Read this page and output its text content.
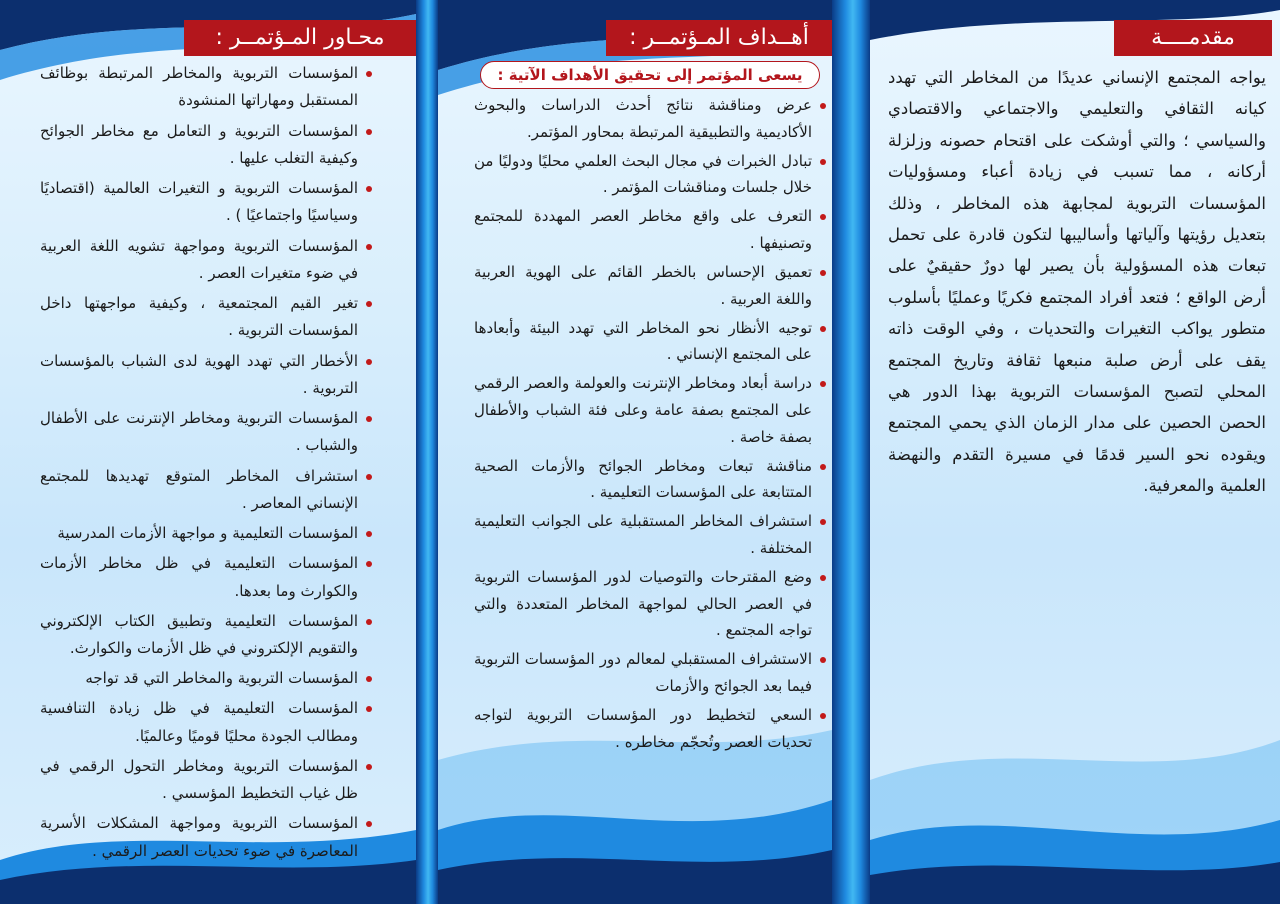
محـاور المـؤتمــر :
المؤسسات التربوية والمخاطر المرتبطة بوظائف المستقبل ومهاراتها المنشودة
المؤسسات التربوية و التعامل مع مخاطر الجوائح وكيفية التغلب عليها .
المؤسسات التربوية و التغيرات العالمية (اقتصاديًا وسياسيًا واجتماعيًا ) .
المؤسسات التربوية ومواجهة تشويه اللغة العربية في ضوء متغيرات العصر .
تغير القيم المجتمعية ، وكيفية مواجهتها داخل المؤسسات التربوية .
الأخطار التي تهدد الهوية لدى الشباب بالمؤسسات التربوية .
المؤسسات التربوية ومخاطر الإنترنت على الأطفال والشباب .
استشراف المخاطر المتوقع تهديدها للمجتمع الإنساني المعاصر .
المؤسسات التعليمية و مواجهة الأزمات المدرسية
المؤسسات التعليمية في ظل مخاطر الأزمات والكوارث وما بعدها.
المؤسسات التعليمية وتطبيق الكتاب الإلكتروني والتقويم الإلكتروني في ظل الأزمات والكوارث.
المؤسسات التربوية والمخاطر التي قد تواجه
المؤسسات التعليمية في ظل زيادة التنافسية ومطالب الجودة محليًا قوميًا وعالميًا.
المؤسسات التربوية ومخاطر التحول الرقمي في ظل غياب التخطيط المؤسسي .
المؤسسات التربوية ومواجهة المشكلات الأسرية المعاصرة في ضوء تحديات العصر الرقمي .
أهــداف المـؤتمــر :
يسعى المؤتمر إلى تحقيق الأهداف الآتية :
عرض ومناقشة نتائج أحدث الدراسات والبحوث الأكاديمية والتطبيقية المرتبطة بمحاور المؤتمر.
تبادل الخبرات في مجال البحث العلمي محليًا ودوليًا من خلال جلسات ومناقشات المؤتمر .
التعرف على واقع مخاطر العصر المهددة للمجتمع وتصنيفها .
تعميق الإحساس بالخطر القائم على الهوية العربية واللغة العربية .
توجيه الأنظار نحو المخاطر التي تهدد البيئة وأبعادها على المجتمع الإنساني .
دراسة أبعاد ومخاطر الإنترنت والعولمة والعصر الرقمي على المجتمع بصفة عامة وعلى فئة الشباب والأطفال بصفة خاصة .
مناقشة تبعات ومخاطر الجوائح والأزمات الصحية المتتابعة على المؤسسات التعليمية .
استشراف المخاطر المستقبلية على الجوانب التعليمية المختلفة .
وضع المقترحات والتوصيات لدور المؤسسات التربوية في العصر الحالي لمواجهة المخاطر المتعددة والتي تواجه المجتمع .
الاستشراف المستقبلي لمعالم دور المؤسسات التربوية فيما بعد الجوائح والأزمات
السعي لتخطيط دور المؤسسات التربوية لتواجه تحديات العصر وتُحجّم مخاطره .
مقدمــــة

يواجه المجتمع الإنساني عديدًا من المخاطر التي تهدد كيانه الثقافي والتعليمي والاجتماعي والاقتصادي والسياسي ؛ والتي أوشكت على اقتحام حصونه وزلزلة أركانه ، مما تسبب في زيادة أعباء ومسؤوليات المؤسسات التربوية لمجابهة هذه المخاطر ، وذلك بتعديل رؤيتها وآلياتها وأساليبها لتكون قادرة على تحمل تبعات هذه المسؤولية بأن يصير لها دورٌ حقيقيٌ على أرض الواقع ؛ فتعد أفراد المجتمع فكريًا وعمليًا بأسلوب متطور يواكب التغيرات والتحديات ، وفي الوقت ذاته يقف على أرض صلبة منبعها ثقافة وتاريخ المجتمع المحلي لتصبح المؤسسات التربوية بهذا الدور هي الحصن الحصين على مدار الزمان الذي يحمي المجتمع ويقوده نحو السير قدمًا في مسيرة التقدم والنهضة العلمية والمعرفية.
